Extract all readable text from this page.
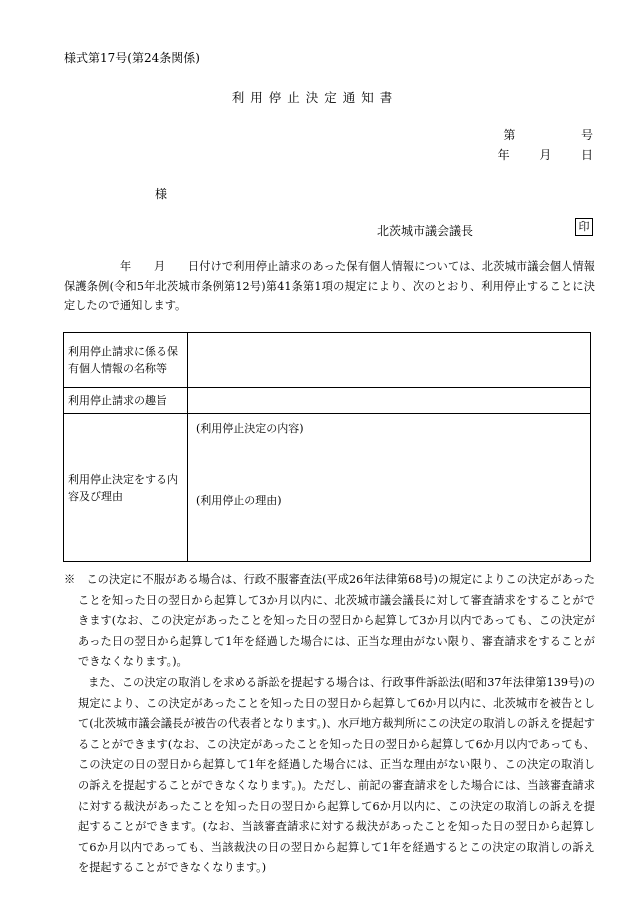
様式第17号(第24条関係)
利用停止決定通知書
第	号
年 月 日
様
北茨城市議会議長	印
年　　月　　日付けで利用停止請求のあった保有個人情報については、北茨城市議会個人情報保護条例(令和5年北茨城市条例第12号)第41条第1項の規定により、次のとおり、利用停止することに決定したので通知します。
利用停止請求に係る保有個人情報の名称等	
利用停止請求の趣旨	
利用停止決定をする内容及び理由	(利用停止決定の内容)
(利用停止の理由)

※　この決定に不服がある場合は、行政不服審査法(平成26年法律第68号)の規定によりこの決定があったことを知った日の翌日から起算して3か月以内に、北茨城市議会議長に対して審査請求をすることができます(なお、この決定があったことを知った日の翌日から起算して3か月以内であっても、この決定があった日の翌日から起算して1年を経過した場合には、正当な理由がない限り、審査請求をすることができなくなります。)。

また、この決定の取消しを求める訴訟を提起する場合は、行政事件訴訟法(昭和37年法律第139号)の規定により、この決定があったことを知った日の翌日から起算して6か月以内に、北茨城市を被告として(北茨城市議会議長が被告の代表者となります。)、水戸地方裁判所にこの決定の取消しの訴えを提起することができます(なお、この決定があったことを知った日の翌日から起算して6か月以内であっても、この決定の日の翌日から起算して1年を経過した場合には、正当な理由がない限り、この決定の取消しの訴えを提起することができなくなります。)。ただし、前記の審査請求をした場合には、当該審査請求に対する裁決があったことを知った日の翌日から起算して6か月以内に、この決定の取消しの訴えを提起することができます。(なお、当該審査請求に対する裁決があったことを知った日の翌日から起算して6か月以内であっても、当該裁決の日の翌日から起算して1年を経過するとこの決定の取消しの訴えを提起することができなくなります。)
